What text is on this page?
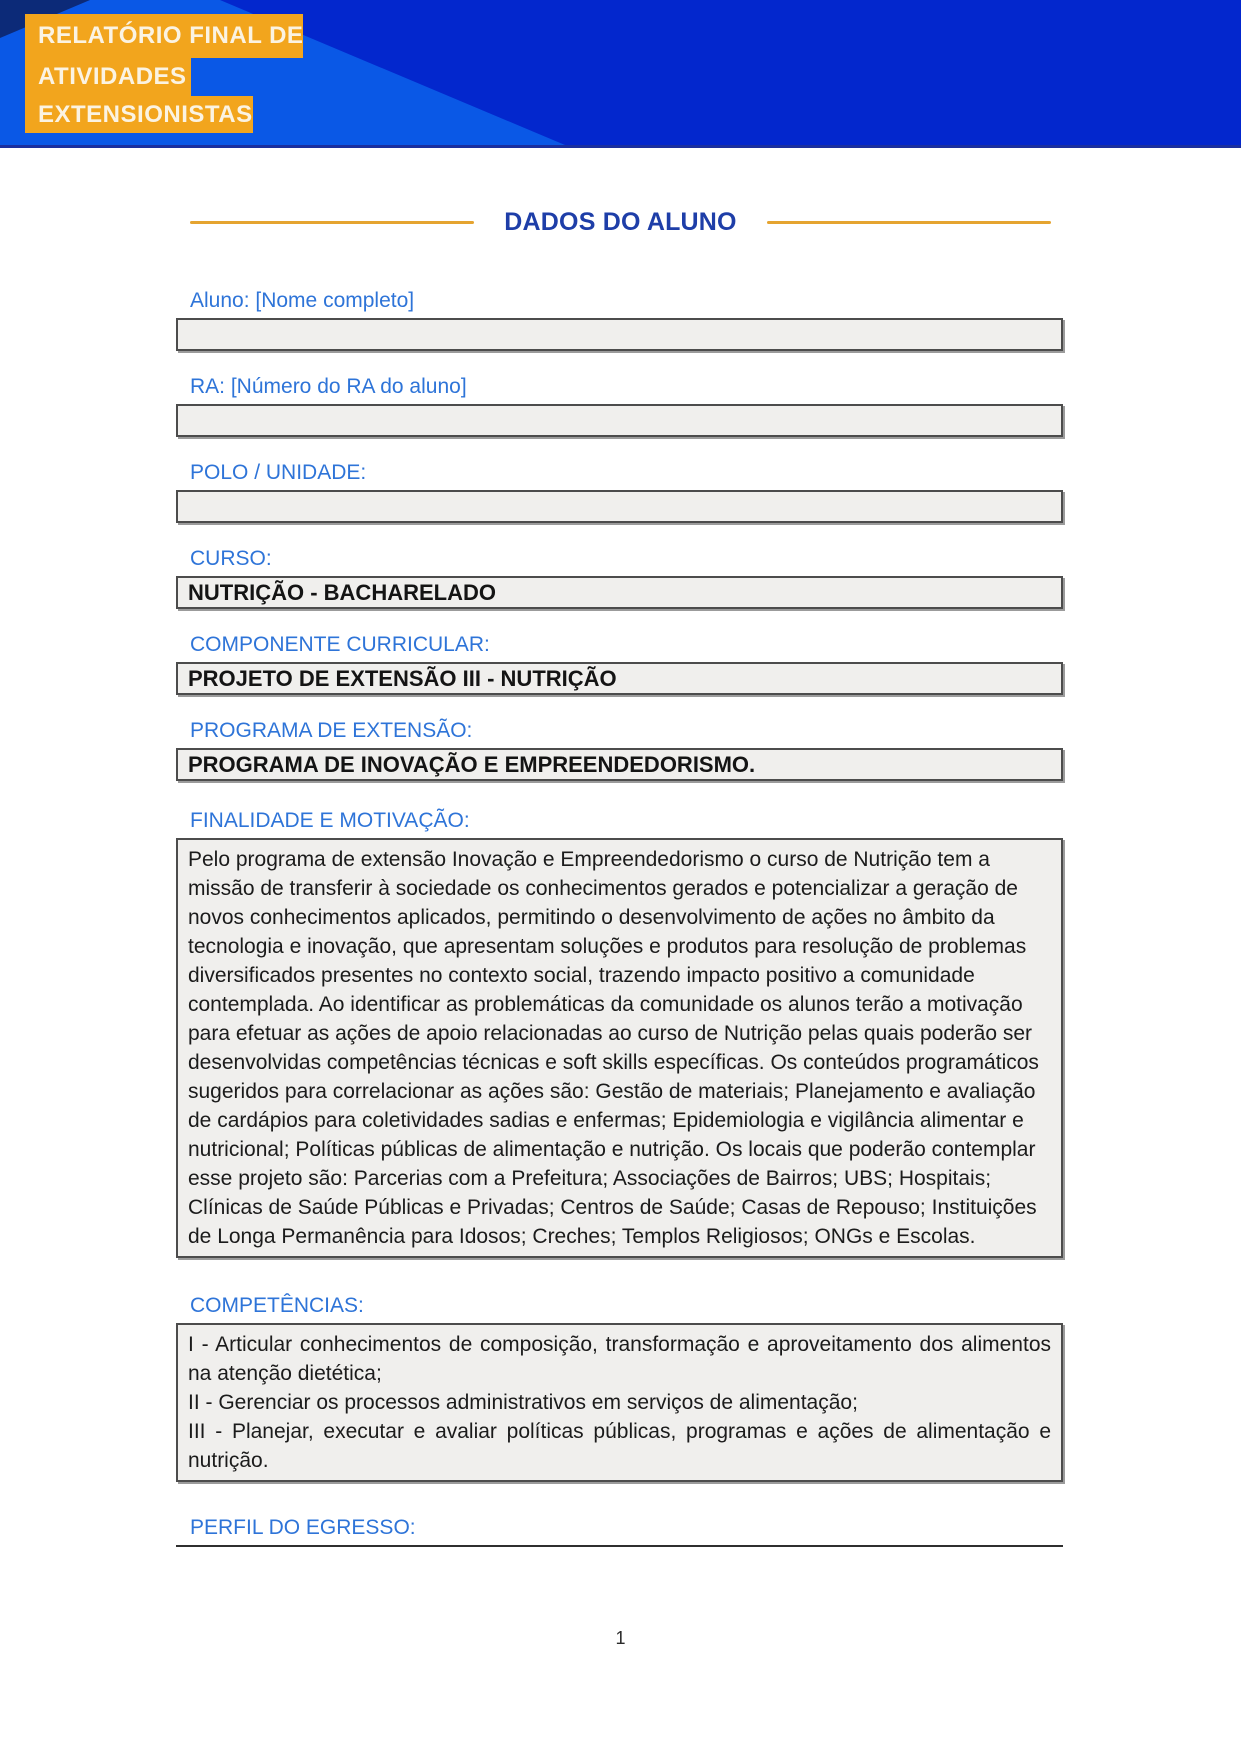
RELATÓRIO FINAL DE
ATIVIDADES
EXTENSIONISTAS
DADOS DO ALUNO
Aluno: [Nome completo]
RA: [Número do RA do aluno]
POLO / UNIDADE:
CURSO:
NUTRIÇÃO - BACHARELADO
COMPONENTE CURRICULAR:
PROJETO DE EXTENSÃO III - NUTRIÇÃO
PROGRAMA DE EXTENSÃO:
PROGRAMA DE INOVAÇÃO E EMPREENDEDORISMO.
FINALIDADE E MOTIVAÇÃO:
Pelo programa de extensão Inovação e Empreendedorismo o curso de Nutrição tem a missão de transferir à sociedade os conhecimentos gerados e potencializar a geração de novos conhecimentos aplicados, permitindo o desenvolvimento de ações no âmbito da tecnologia e inovação, que apresentam soluções e produtos para resolução de problemas diversificados presentes no contexto social, trazendo impacto positivo a comunidade contemplada. Ao identificar as problemáticas da comunidade os alunos terão a motivação para efetuar as ações de apoio relacionadas ao curso de Nutrição pelas quais poderão ser desenvolvidas competências técnicas e soft skills específicas. Os conteúdos programáticos sugeridos para correlacionar as ações são: Gestão de materiais; Planejamento e avaliação de cardápios para coletividades sadias e enfermas; Epidemiologia e vigilância alimentar e nutricional; Políticas públicas de alimentação e nutrição. Os locais que poderão contemplar esse projeto são: Parcerias com a Prefeitura; Associações de Bairros; UBS; Hospitais; Clínicas de Saúde Públicas e Privadas; Centros de Saúde; Casas de Repouso; Instituições de Longa Permanência para Idosos; Creches; Templos Religiosos; ONGs e Escolas.
COMPETÊNCIAS:
I - Articular conhecimentos de composição, transformação e aproveitamento dos alimentos na atenção dietética;
II - Gerenciar os processos administrativos em serviços de alimentação;
III - Planejar, executar e avaliar políticas públicas, programas e ações de alimentação e nutrição.
PERFIL DO EGRESSO:
1
